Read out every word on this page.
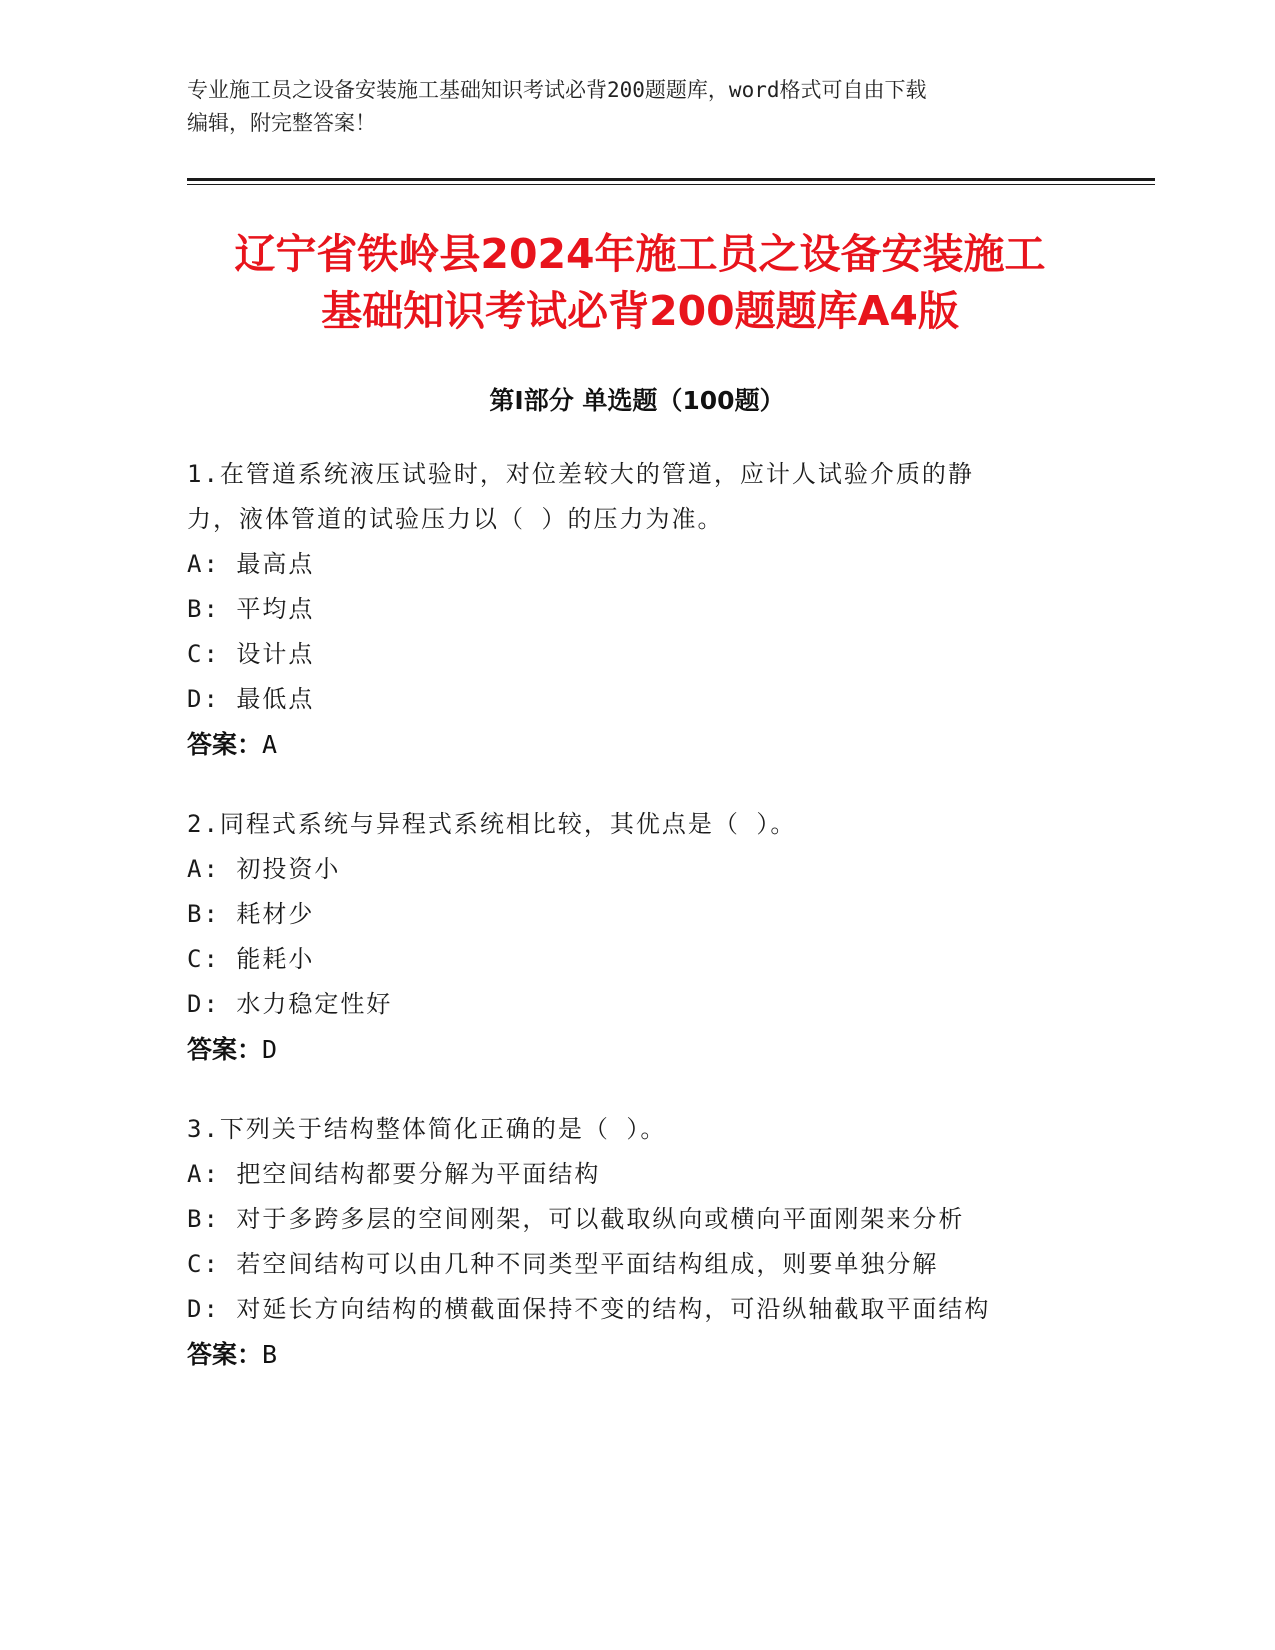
专业施工员之设备安装施工基础知识考试必背200题题库，word格式可自由下载
编辑，附完整答案！
辽宁省铁岭县2024年施工员之设备安装施工
基础知识考试必背200题题库A4版
第I部分 单选题（100题）
1.在管道系统液压试验时，对位差较大的管道，应计人试验介质的静
力，液体管道的试验压力以（ ）的压力为准。
A: 最高点
B: 平均点
C: 设计点
D: 最低点
答案：A
2.同程式系统与异程式系统相比较，其优点是（ ）。
A: 初投资小
B: 耗材少
C: 能耗小
D: 水力稳定性好
答案：D
3.下列关于结构整体简化正确的是（ ）。
A: 把空间结构都要分解为平面结构
B: 对于多跨多层的空间刚架，可以截取纵向或横向平面刚架来分析
C: 若空间结构可以由几种不同类型平面结构组成，则要单独分解
D: 对延长方向结构的横截面保持不变的结构，可沿纵轴截取平面结构
答案：B
